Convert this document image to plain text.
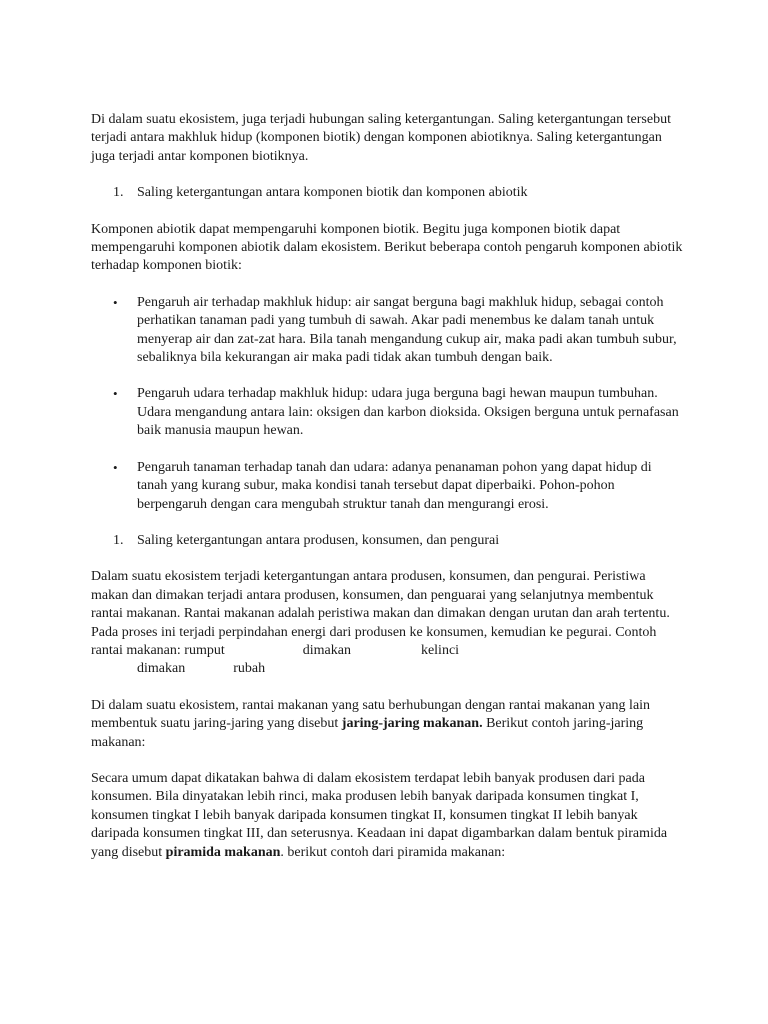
Di dalam suatu ekosistem, juga terjadi hubungan saling ketergantungan. Saling ketergantungan tersebut terjadi antara makhluk hidup (komponen biotik) dengan komponen abiotiknya. Saling ketergantungan juga terjadi antar komponen biotiknya.

1. Saling ketergantungan antara komponen biotik dan komponen abiotik

Komponen abiotik dapat mempengaruhi komponen biotik. Begitu juga komponen biotik dapat mempengaruhi komponen abiotik dalam ekosistem. Berikut beberapa contoh pengaruh komponen abiotik terhadap komponen biotik:

•	Pengaruh air terhadap makhluk hidup: air sangat berguna bagi makhluk hidup, sebagai contoh perhatikan tanaman padi yang tumbuh di sawah. Akar padi menembus ke dalam tanah untuk menyerap air dan zat-zat hara. Bila tanah mengandung cukup air, maka padi akan tumbuh subur, sebaliknya bila kekurangan air maka padi tidak akan tumbuh dengan baik.
•	Pengaruh udara terhadap makhluk hidup: udara juga berguna bagi hewan maupun tumbuhan. Udara mengandung antara lain: oksigen dan karbon dioksida. Oksigen berguna untuk pernafasan baik manusia maupun hewan.
•	Pengaruh tanaman terhadap tanah dan udara: adanya penanaman pohon yang dapat hidup di tanah yang kurang subur, maka kondisi tanah tersebut dapat diperbaiki. Pohon-pohon berpengaruh dengan cara mengubah struktur tanah dan mengurangi erosi.
1. Saling ketergantungan antara produsen, konsumen, dan pengurai

Dalam suatu ekosistem terjadi ketergantungan antara produsen, konsumen, dan pengurai. Peristiwa makan dan dimakan terjadi antara produsen, konsumen, dan penguarai yang selanjutnya membentuk rantai makanan. Rantai makanan adalah peristiwa makan dan dimakan dengan urutan dan arah tertentu. Pada proses ini terjadi perpindahan energi dari produsen ke konsumen, kemudian ke pegurai. Contoh rantai makanan: rumput	dimakan	kelinci
dimakan	rubah

Di dalam suatu ekosistem, rantai makanan yang satu berhubungan dengan rantai makanan yang lain membentuk suatu jaring-jaring yang disebut jaring-jaring makanan. Berikut contoh jaring-jaring makanan:

Secara umum dapat dikatakan bahwa di dalam ekosistem terdapat lebih banyak produsen dari pada konsumen. Bila dinyatakan lebih rinci, maka produsen lebih banyak daripada konsumen tingkat I, konsumen tingkat I lebih banyak daripada konsumen tingkat II, konsumen tingkat II lebih banyak daripada konsumen tingkat III, dan seterusnya. Keadaan ini dapat digambarkan dalam bentuk piramida yang disebut piramida makanan. berikut contoh dari piramida makanan:
